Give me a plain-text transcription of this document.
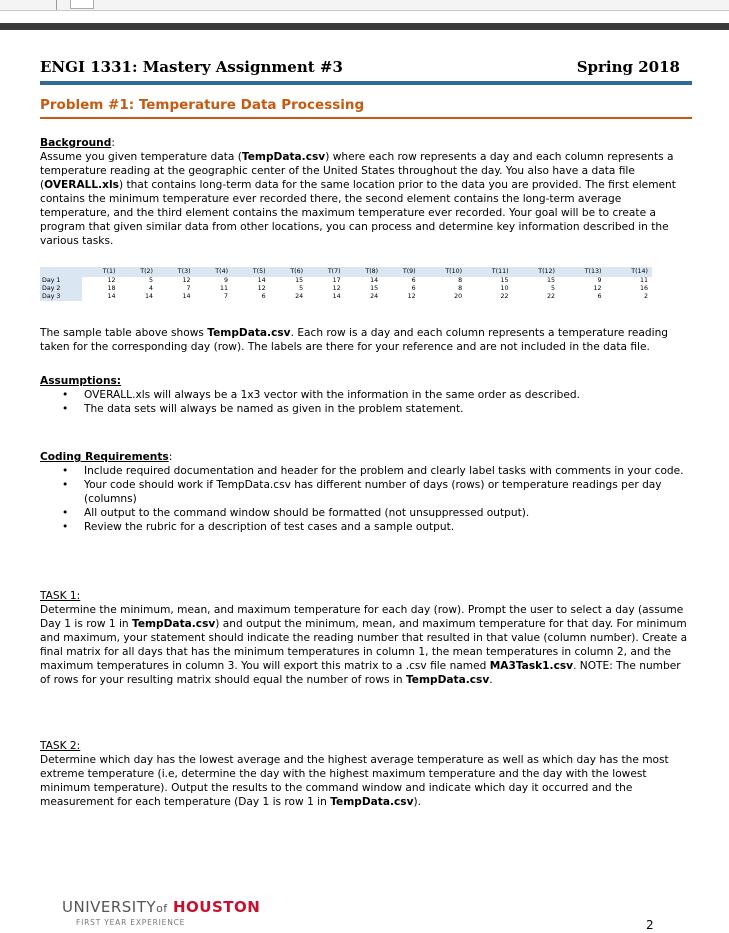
ENGI 1331: Mastery Assignment #3	Spring 2018
Problem #1: Temperature Data Processing

Background:

Assume you given temperature data (TempData.csv) where each row represents a day and each column represents a temperature reading at the geographic center of the United States throughout the day. You also have a data file (OVERALL.xls) that contains long-term data for the same location prior to the data you are provided. The first element contains the minimum temperature ever recorded there, the second element contains the long-term average temperature, and the third element contains the maximum temperature ever recorded. Your goal will be to create a program that given similar data from other locations, you can process and determine key information described in the various tasks.

	T(1)	T(2)	T(3)	T(4)	T(5)	T(6)	T(7)	T(8)	T(9)	T(10)	T(11)	T(12)	T(13)	T(14)
Day 1	12	5	12	9	14	15	17	14	6	8	15	15	9	11
Day 2	18	4	7	11	12	5	12	15	6	8	10	5	12	16
Day 3	14	14	14	7	6	24	14	24	12	20	22	22	6	2

The sample table above shows TempData.csv. Each row is a day and each column represents a temperature reading taken for the corresponding day (row). The labels are there for your reference and are not included in the data file.

Assumptions:

• OVERALL.xls will always be a 1x3 vector with the information in the same order as described.
• The data sets will always be named as given in the problem statement.

Coding Requirements:

• Include required documentation and header for the problem and clearly label tasks with comments in your code.
• Your code should work if TempData.csv has different number of days (rows) or temperature readings per day (columns)
• All output to the command window should be formatted (not unsuppressed output).
• Review the rubric for a description of test cases and a sample output.

TASK 1:

Determine the minimum, mean, and maximum temperature for each day (row). Prompt the user to select a day (assume Day 1 is row 1 in TempData.csv) and output the minimum, mean, and maximum temperature for that day. For minimum and maximum, your statement should indicate the reading number that resulted in that value (column number). Create a final matrix for all days that has the minimum temperatures in column 1, the mean temperatures in column 2, and the maximum temperatures in column 3. You will export this matrix to a .csv file named MA3Task1.csv. NOTE: The number of rows for your resulting matrix should equal the number of rows in TempData.csv.

TASK 2:

Determine which day has the lowest average and the highest average temperature as well as which day has the most extreme temperature (i.e, determine the day with the highest maximum temperature and the day with the lowest minimum temperature). Output the results to the command window and indicate which day it occurred and the measurement for each temperature (Day 1 is row 1 in TempData.csv).

UNIVERSITYof HOUSTON
FIRST YEAR EXPERIENCE	2
